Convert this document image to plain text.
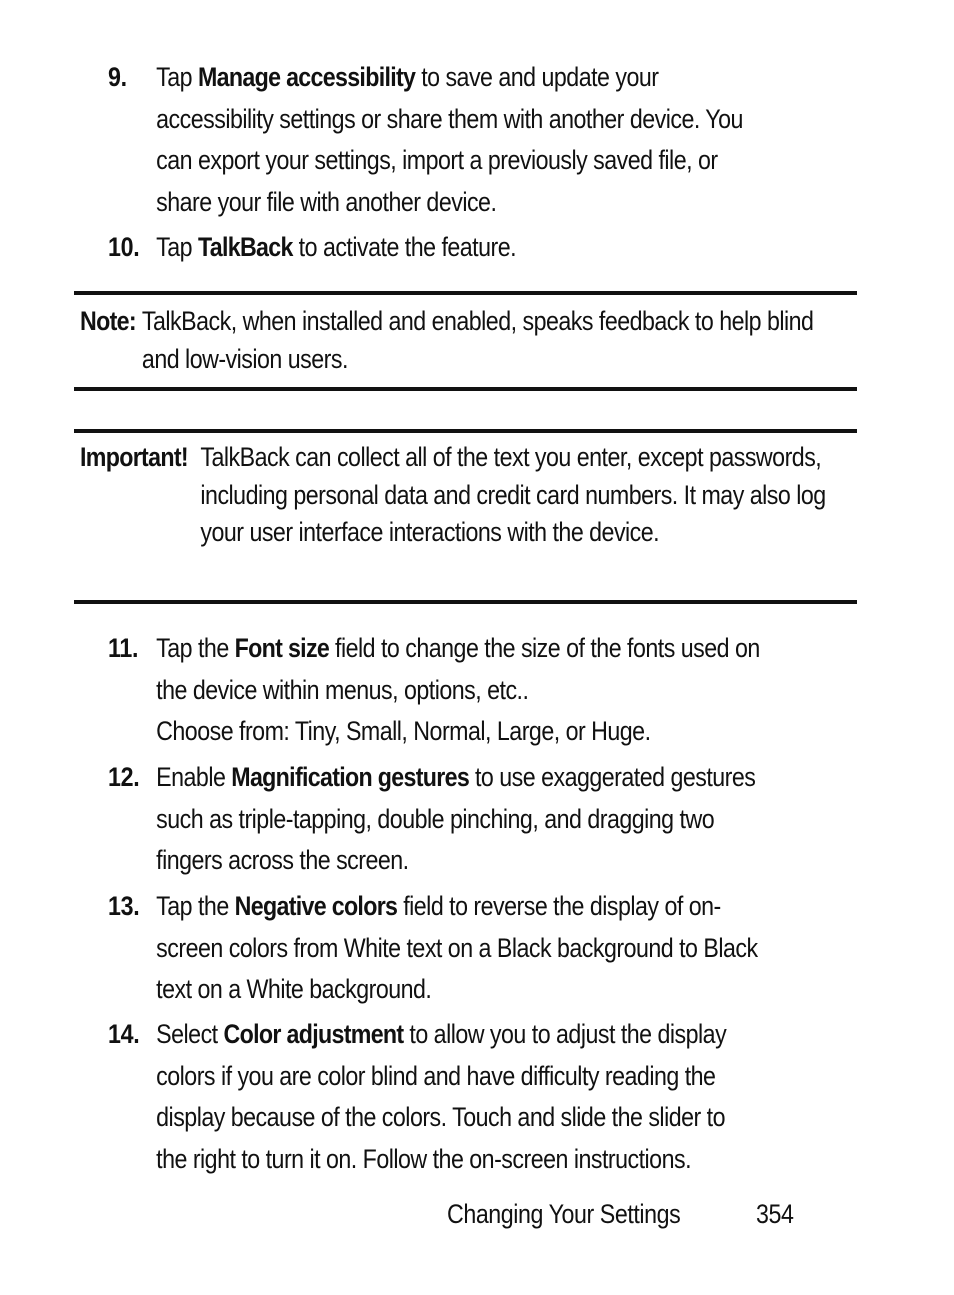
9. Tap Manage accessibility to save and update your accessibility settings or share them with another device. You can export your settings, import a previously saved file, or share your file with another device.
10. Tap TalkBack to activate the feature.
Note: TalkBack, when installed and enabled, speaks feedback to help blind and low-vision users.
Important! TalkBack can collect all of the text you enter, except passwords, including personal data and credit card numbers. It may also log your user interface interactions with the device.
11. Tap the Font size field to change the size of the fonts used on the device within menus, options, etc..
Choose from: Tiny, Small, Normal, Large, or Huge.
12. Enable Magnification gestures to use exaggerated gestures such as triple-tapping, double pinching, and dragging two fingers across the screen.
13. Tap the Negative colors field to reverse the display of on-screen colors from White text on a Black background to Black text on a White background.
14. Select Color adjustment to allow you to adjust the display colors if you are color blind and have difficulty reading the display because of the colors. Touch and slide the slider to the right to turn it on. Follow the on-screen instructions.
Changing Your Settings	354
